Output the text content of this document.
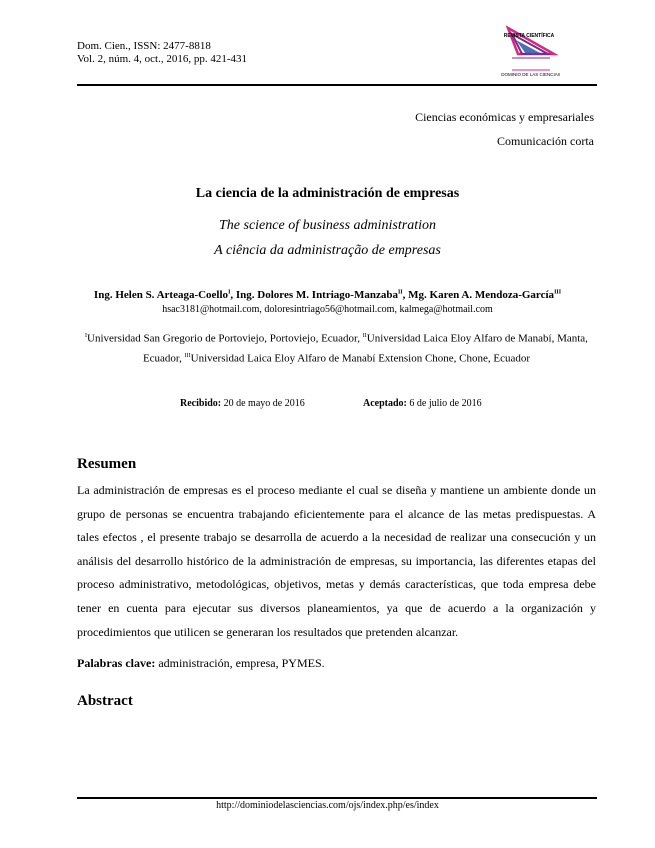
Dom. Cien., ISSN: 2477-8818
Vol. 2, núm. 4, oct., 2016, pp. 421-431
REVISTA CIENTÍFICA
DOMINIO DE LAS CIENCIAS
Ciencias económicas y empresariales
Comunicación corta
La ciencia de la administración de empresas
The science of business administration
A ciência da administração de empresas
Ing. Helen S. Arteaga-Coello$^I$, Ing. Dolores M. Intriago-Manzaba$^{II}$, Mg. Karen A. Mendoza-García$^{III}$
hsac3181@hotmail.com, doloresintriago56@hotmail.com, kalmega@hotmail.com
$^I$Universidad San Gregorio de Portoviejo, Portoviejo, Ecuador, $^{II}$Universidad Laica Eloy Alfaro de Manabí, Manta, Ecuador, $^{III}$Universidad Laica Eloy Alfaro de Manabí Extension Chone, Chone, Ecuador
Recibido: 20 de mayo de 2016	Aceptado: 6 de julio de 2016
Resumen
La administración de empresas es el proceso mediante el cual se diseña y mantiene un ambiente donde un grupo de personas se encuentra trabajando eficientemente para el alcance de las metas predispuestas. A tales efectos , el presente trabajo se desarrolla de acuerdo a la necesidad de realizar una consecución y un análisis del desarrollo histórico de la administración de empresas, su importancia, las diferentes etapas del proceso administrativo, metodológicas, objetivos, metas y demás características, que toda empresa debe tener en cuenta para ejecutar sus diversos planeamientos, ya que de acuerdo a la organización y procedimientos que utilicen se generaran los resultados que pretenden alcanzar.
Palabras clave: administración, empresa, PYMES.
Abstract
http://dominiodelasciencias.com/ojs/index.php/es/index
